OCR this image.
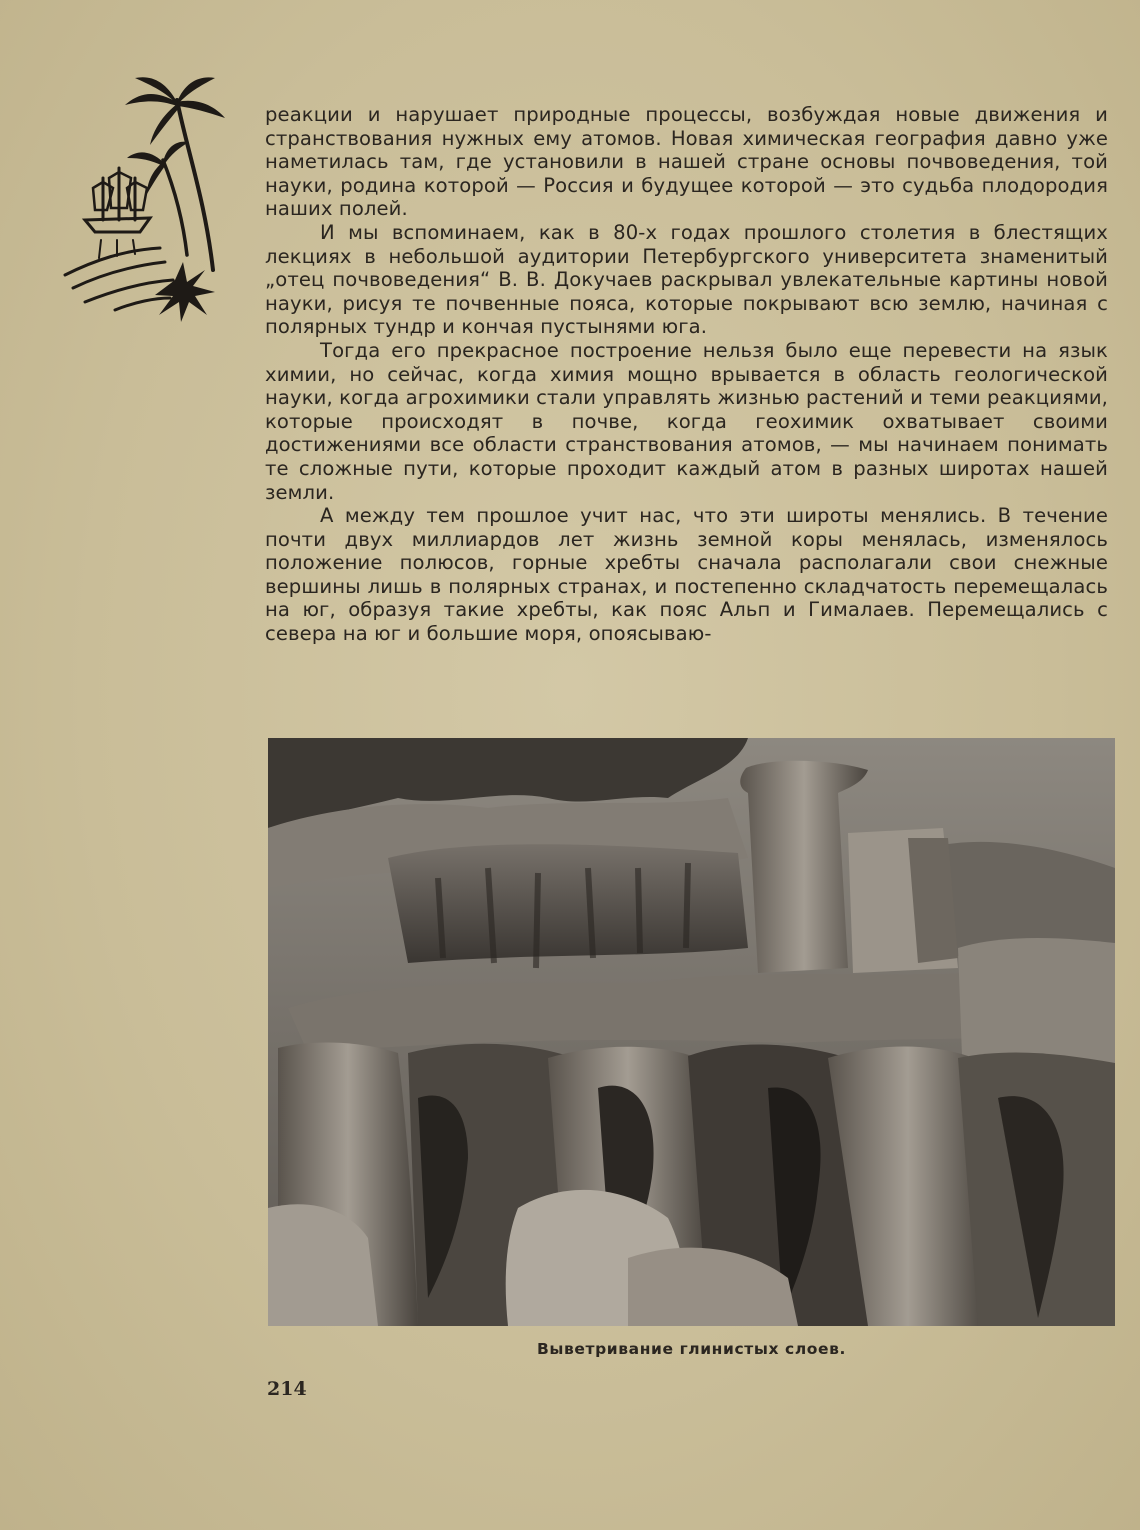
реакции и нарушает природные процессы, возбуждая новые движения и странствования нужных ему атомов. Новая химическая география давно уже наметилась там, где установили в нашей стране основы почвоведения, той науки, родина которой — Россия и будущее которой — это судьба плодородия наших полей.

И мы вспоминаем, как в 80-х годах прошлого столетия в блестящих лекциях в небольшой аудитории Петербургского университета знаменитый „отец почвоведения“ В. В. Докучаев раскрывал увлекательные картины новой науки, рисуя те почвенные пояса, которые покрывают всю землю, начиная с полярных тундр и кончая пустынями юга.

Тогда его прекрасное построение нельзя было еще перевести на язык химии, но сейчас, когда химия мощно врывается в область геологической науки, когда агрохимики стали управлять жизнью растений и теми реакциями, которые происходят в почве, когда геохимик охватывает своими достижениями все области странствования атомов, — мы начинаем понимать те сложные пути, которые проходит каждый атом в разных широтах нашей земли.

А между тем прошлое учит нас, что эти широты менялись. В течение почти двух миллиардов лет жизнь земной коры менялась, изменялось положение полюсов, горные хребты сначала располагали свои снежные вершины лишь в полярных странах, и постепенно складчатость перемещалась на юг, образуя такие хребты, как пояс Альп и Гималаев. Перемещались с севера на юг и большие моря, опоясываю-

Выветривание глинистых слоев.
214
